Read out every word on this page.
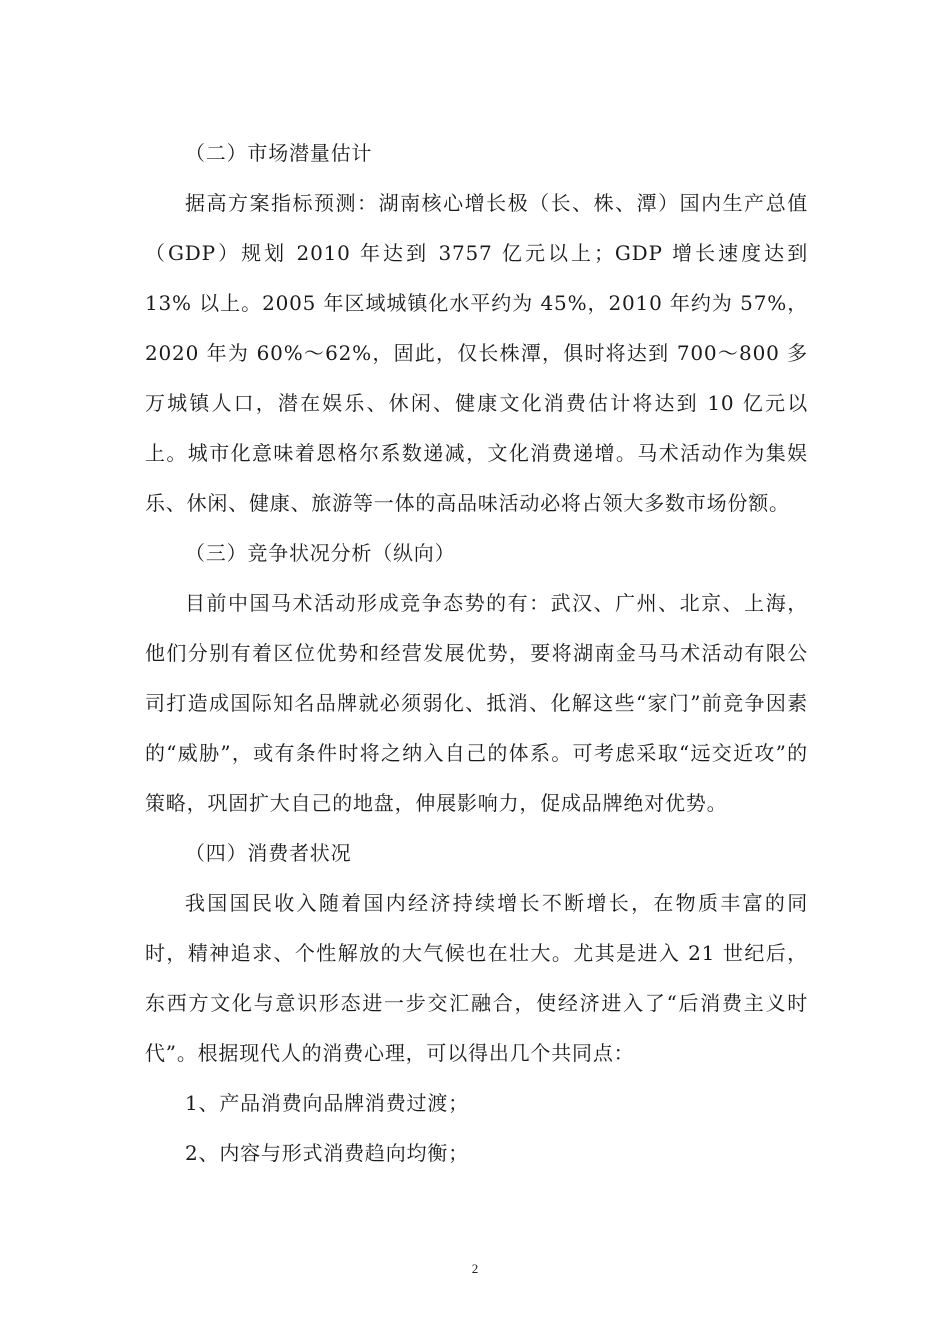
（二）市场潜量估计

据高方案指标预测：湖南核心增长极（长、株、潭）国内生产总值（GDP）规划 2010 年达到 3757 亿元以上；GDP 增长速度达到 13% 以上。2005 年区域城镇化水平约为 45%，2010 年约为 57%，2020 年为 60%～62%，固此，仅长株潭，俱时将达到 700～800 多万城镇人口，潜在娱乐、休闲、健康文化消费估计将达到 10 亿元以上。城市化意味着恩格尔系数递减，文化消费递增。马术活动作为集娱乐、休闲、健康、旅游等一体的高品味活动必将占领大多数市场份额。

（三）竞争状况分析（纵向）

目前中国马术活动形成竞争态势的有：武汉、广州、北京、上海，他们分别有着区位优势和经营发展优势，要将湖南金马马术活动有限公司打造成国际知名品牌就必须弱化、抵消、化解这些“家门”前竞争因素的“威胁”，或有条件时将之纳入自己的体系。可考虑采取“远交近攻”的策略，巩固扩大自己的地盘，伸展影响力，促成品牌绝对优势。

（四）消费者状况

我国国民收入随着国内经济持续增长不断增长，在物质丰富的同时，精神追求、个性解放的大气候也在壮大。尤其是进入 21 世纪后，东西方文化与意识形态进一步交汇融合，使经济进入了“后消费主义时代”。根据现代人的消费心理，可以得出几个共同点：

1、产品消费向品牌消费过渡；

2、内容与形式消费趋向均衡；

2
